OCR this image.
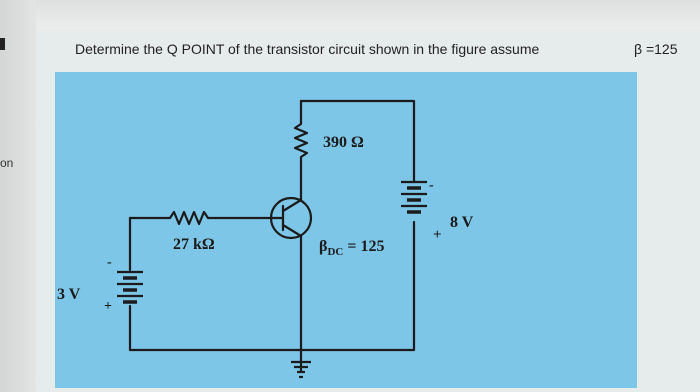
on
Determine the Q POINT of the transistor circuit shown in the figure assume	β =125
390 Ω
27 kΩ
3 V
+
-
8 V
+
-
$\beta_{DC} = 125$
